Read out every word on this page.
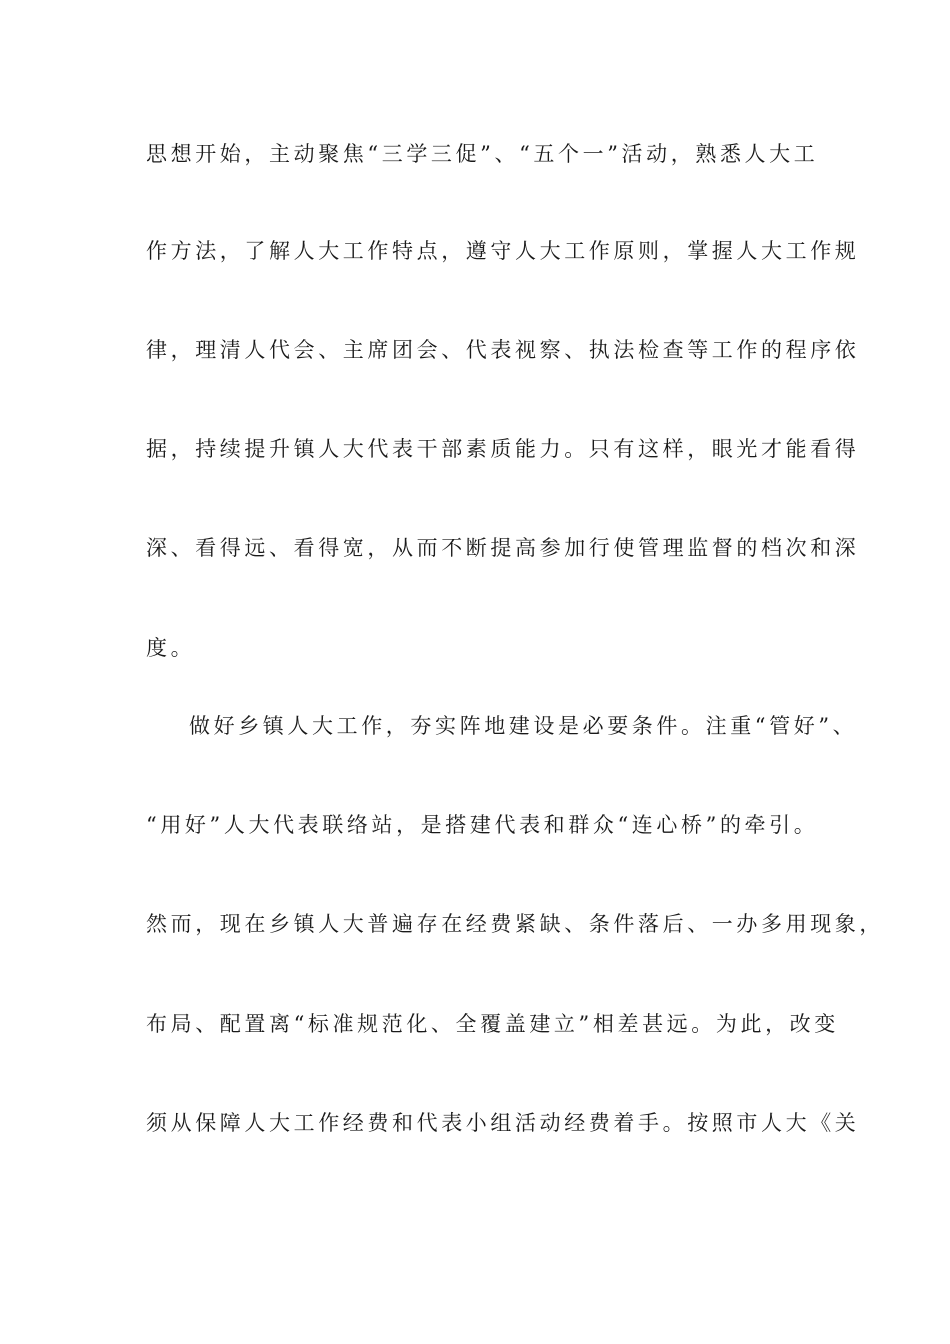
思想开始，主动聚焦“三学三促”、“五个一”活动，熟悉人大工
作方法，了解人大工作特点，遵守人大工作原则，掌握人大工作规
律，理清人代会、主席团会、代表视察、执法检查等工作的程序依
据，持续提升镇人大代表干部素质能力。只有这样，眼光才能看得
深、看得远、看得宽，从而不断提高参加行使管理监督的档次和深
度。
做好乡镇人大工作，夯实阵地建设是必要条件。注重“管好”、
“用好”人大代表联络站，是搭建代表和群众“连心桥”的牵引。
然而，现在乡镇人大普遍存在经费紧缺、条件落后、一办多用现象，
布局、配置离“标准规范化、全覆盖建立”相差甚远。为此，改变
须从保障人大工作经费和代表小组活动经费着手。按照市人大《关
